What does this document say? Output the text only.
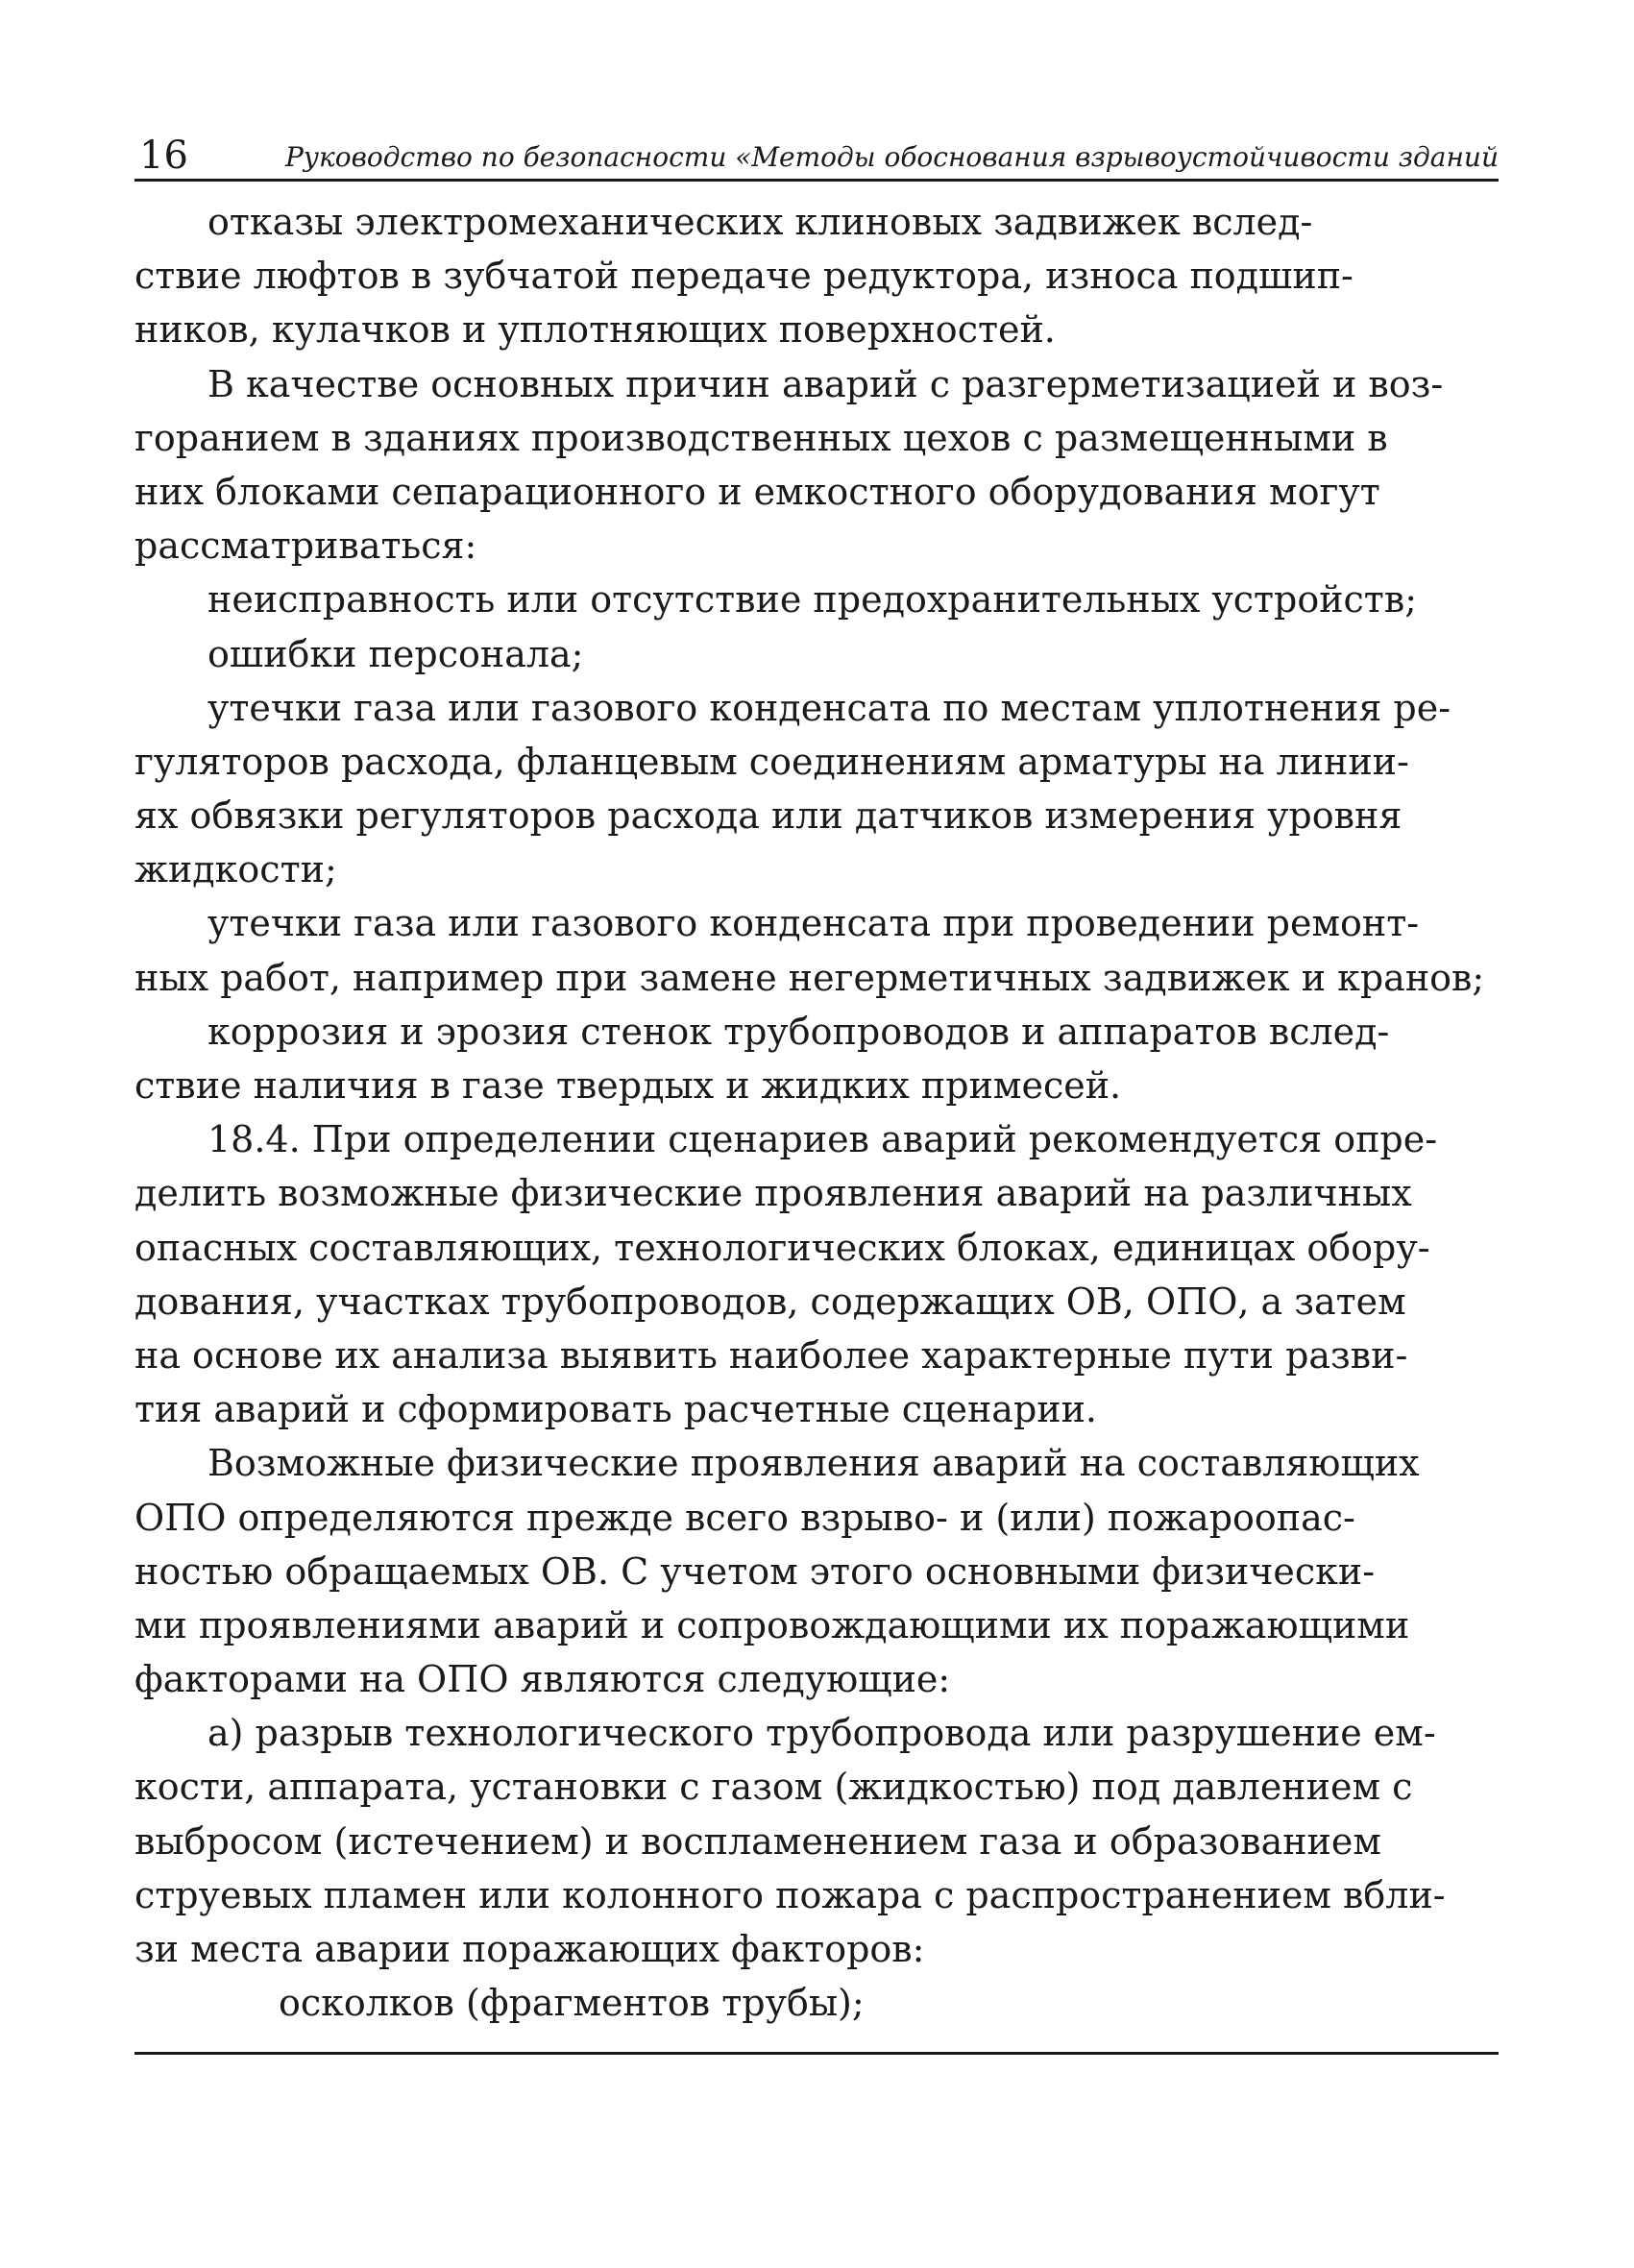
16	Руководство по безопасности «Методы обоснования взрывоустойчивости зданий
отказы электромеханических клиновых задвижек вслед-
ствие люфтов в зубчатой передаче редуктора, износа подшип-
ников, кулачков и уплотняющих поверхностей.
В качестве основных причин аварий с разгерметизацией и воз-
горанием в зданиях производственных цехов с размещенными в
них блоками сепарационного и емкостного оборудования могут
рассматриваться:
неисправность или отсутствие предохранительных устройств;
ошибки персонала;
утечки газа или газового конденсата по местам уплотнения ре-
гуляторов расхода, фланцевым соединениям арматуры на линии-
ях обвязки регуляторов расхода или датчиков измерения уровня
жидкости;
утечки газа или газового конденсата при проведении ремонт-
ных работ, например при замене негерметичных задвижек и кранов;
коррозия и эрозия стенок трубопроводов и аппаратов вслед-
ствие наличия в газе твердых и жидких примесей.
18.4. При определении сценариев аварий рекомендуется опре-
делить возможные физические проявления аварий на различных
опасных составляющих, технологических блоках, единицах обору-
дования, участках трубопроводов, содержащих ОВ, ОПО, а затем
на основе их анализа выявить наиболее характерные пути разви-
тия аварий и сформировать расчетные сценарии.
Возможные физические проявления аварий на составляющих
ОПО определяются прежде всего взрыво- и (или) пожароопас-
ностью обращаемых ОВ. С учетом этого основными физически-
ми проявлениями аварий и сопровождающими их поражающими
факторами на ОПО являются следующие:
а) разрыв технологического трубопровода или разрушение ем-
кости, аппарата, установки с газом (жидкостью) под давлением с
выбросом (истечением) и воспламенением газа и образованием
струевых пламен или колонного пожара с распространением вбли-
зи места аварии поражающих факторов:
осколков (фрагментов трубы);
